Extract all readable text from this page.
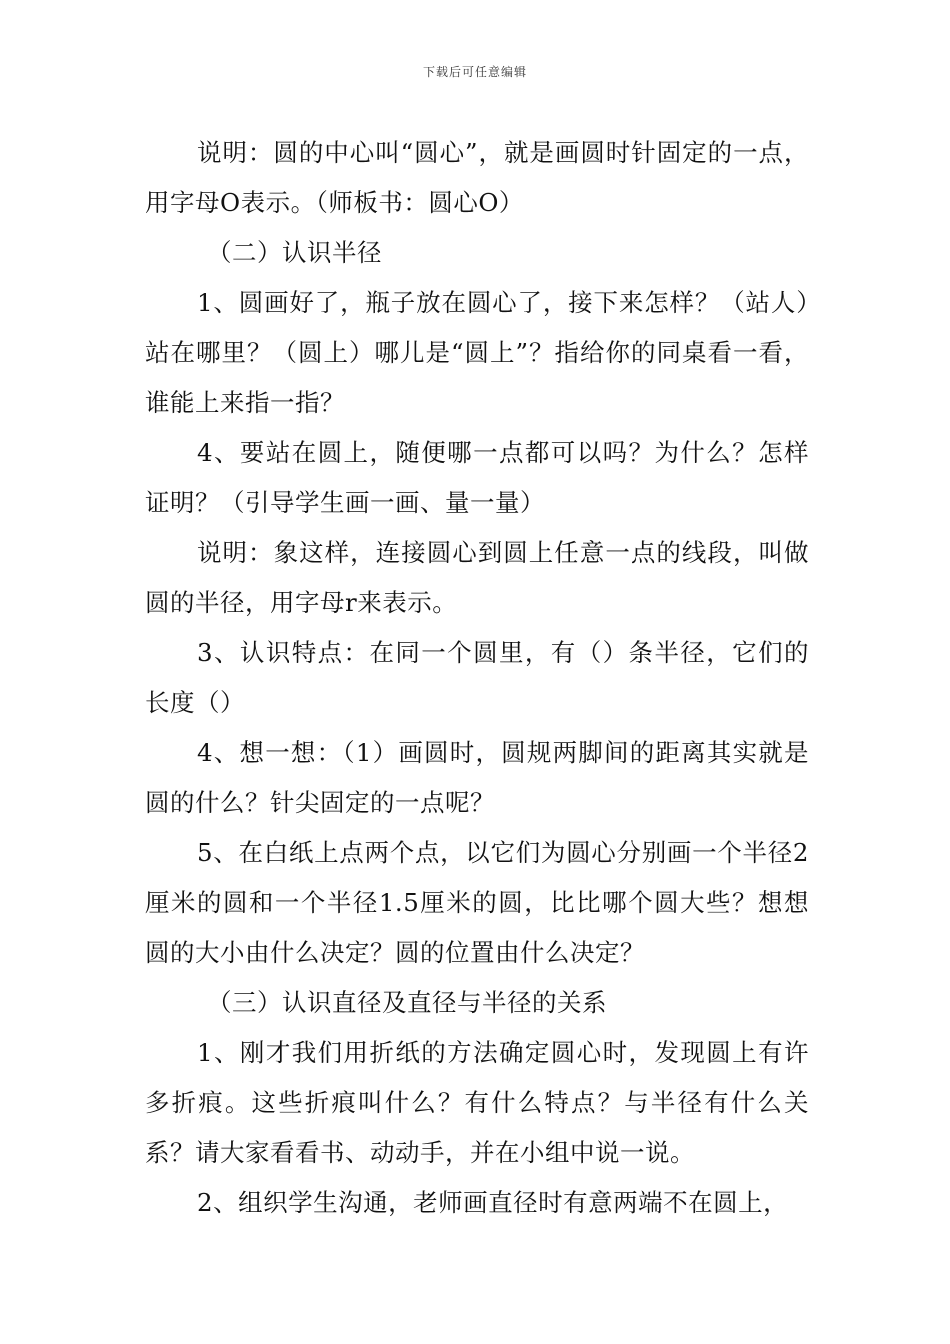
下载后可任意编辑

说明：圆的中心叫“圆心”，就是画圆时针固定的一点，用字母O表示。（师板书：圆心O）

（二）认识半径

1、圆画好了，瓶子放在圆心了，接下来怎样？（站人）站在哪里？（圆上）哪儿是“圆上”？指给你的同桌看一看，谁能上来指一指？

4、要站在圆上，随便哪一点都可以吗？为什么？怎样证明？（引导学生画一画、量一量）

说明：象这样，连接圆心到圆上任意一点的线段，叫做圆的半径，用字母r来表示。

3、认识特点：在同一个圆里，有（）条半径，它们的长度（）

4、想一想：（1）画圆时，圆规两脚间的距离其实就是圆的什么？针尖固定的一点呢？

5、在白纸上点两个点，以它们为圆心分别画一个半径2厘米的圆和一个半径1.5厘米的圆，比比哪个圆大些？想想圆的大小由什么决定？圆的位置由什么决定？

（三）认识直径及直径与半径的关系

1、刚才我们用折纸的方法确定圆心时，发现圆上有许多折痕。这些折痕叫什么？有什么特点？与半径有什么关系？请大家看看书、动动手，并在小组中说一说。

2、组织学生沟通，老师画直径时有意两端不在圆上，
